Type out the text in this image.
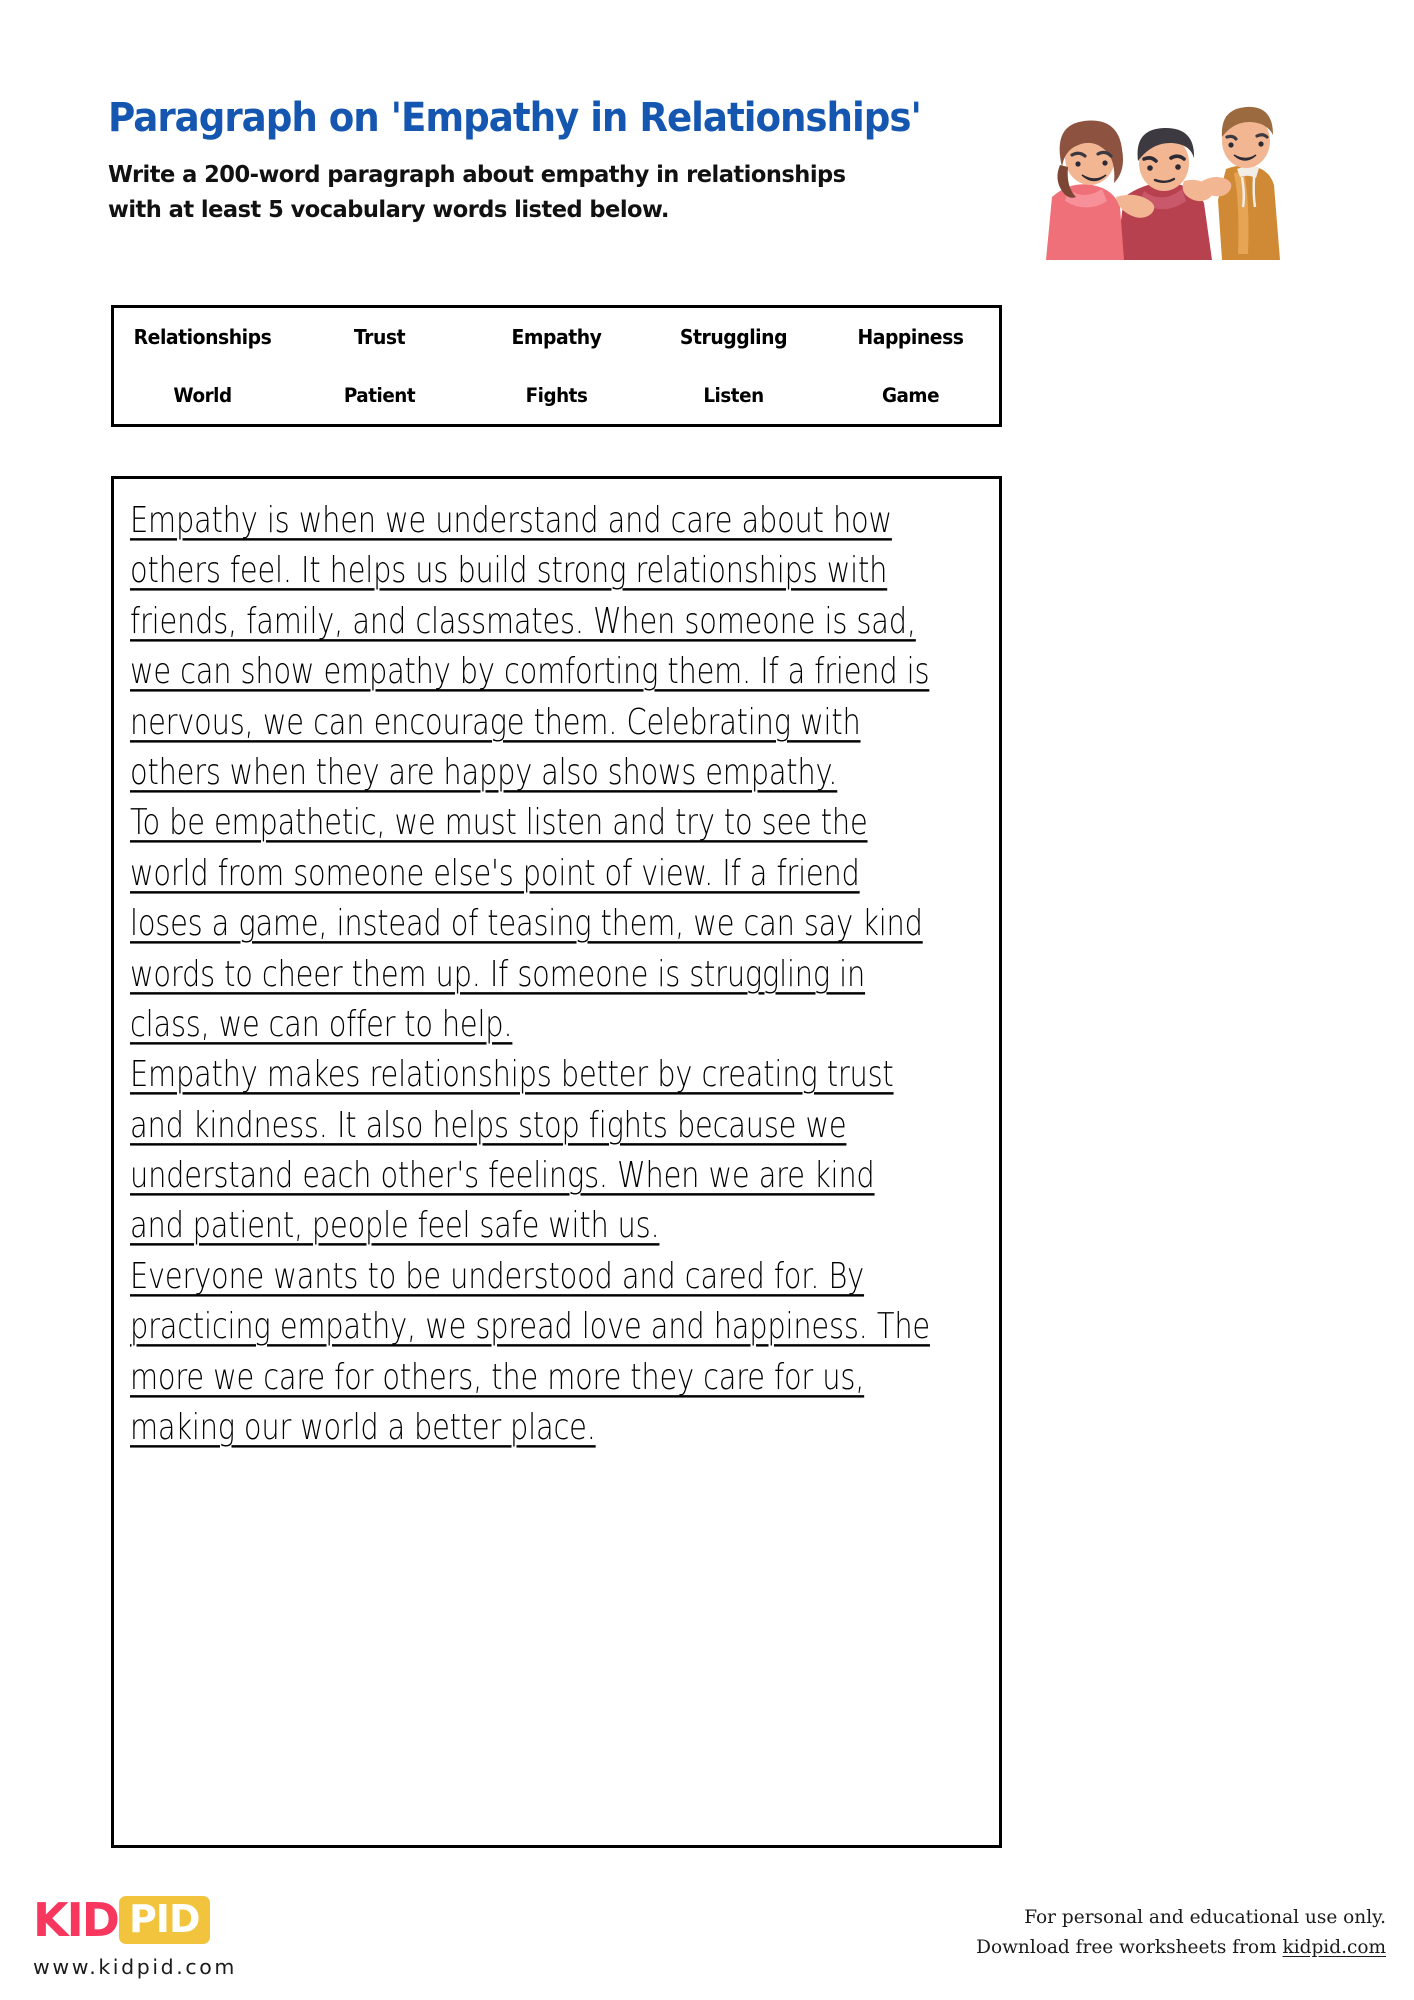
Paragraph on 'Empathy in Relationships'
Write a 200-word paragraph about empathy in relationships
with at least 5 vocabulary words listed below.
Relationships	Trust	Empathy	Struggling	Happiness
World	Patient	Fights	Listen	Game
Empathy is when we understand and care about how
others feel. It helps us build strong relationships with
friends, family, and classmates. When someone is sad,
we can show empathy by comforting them. If a friend is
nervous, we can encourage them. Celebrating with
others when they are happy also shows empathy.
To be empathetic, we must listen and try to see the
world from someone else's point of view. If a friend
loses a game, instead of teasing them, we can say kind
words to cheer them up. If someone is struggling in
class, we can offer to help.
Empathy makes relationships better by creating trust
and kindness. It also helps stop fights because we
understand each other's feelings. When we are kind
and patient, people feel safe with us.
Everyone wants to be understood and cared for. By
practicing empathy, we spread love and happiness. The
more we care for others, the more they care for us,
making our world a better place.
KID PID
www.kidpid.com
For personal and educational use only.
Download free worksheets from kidpid.com
